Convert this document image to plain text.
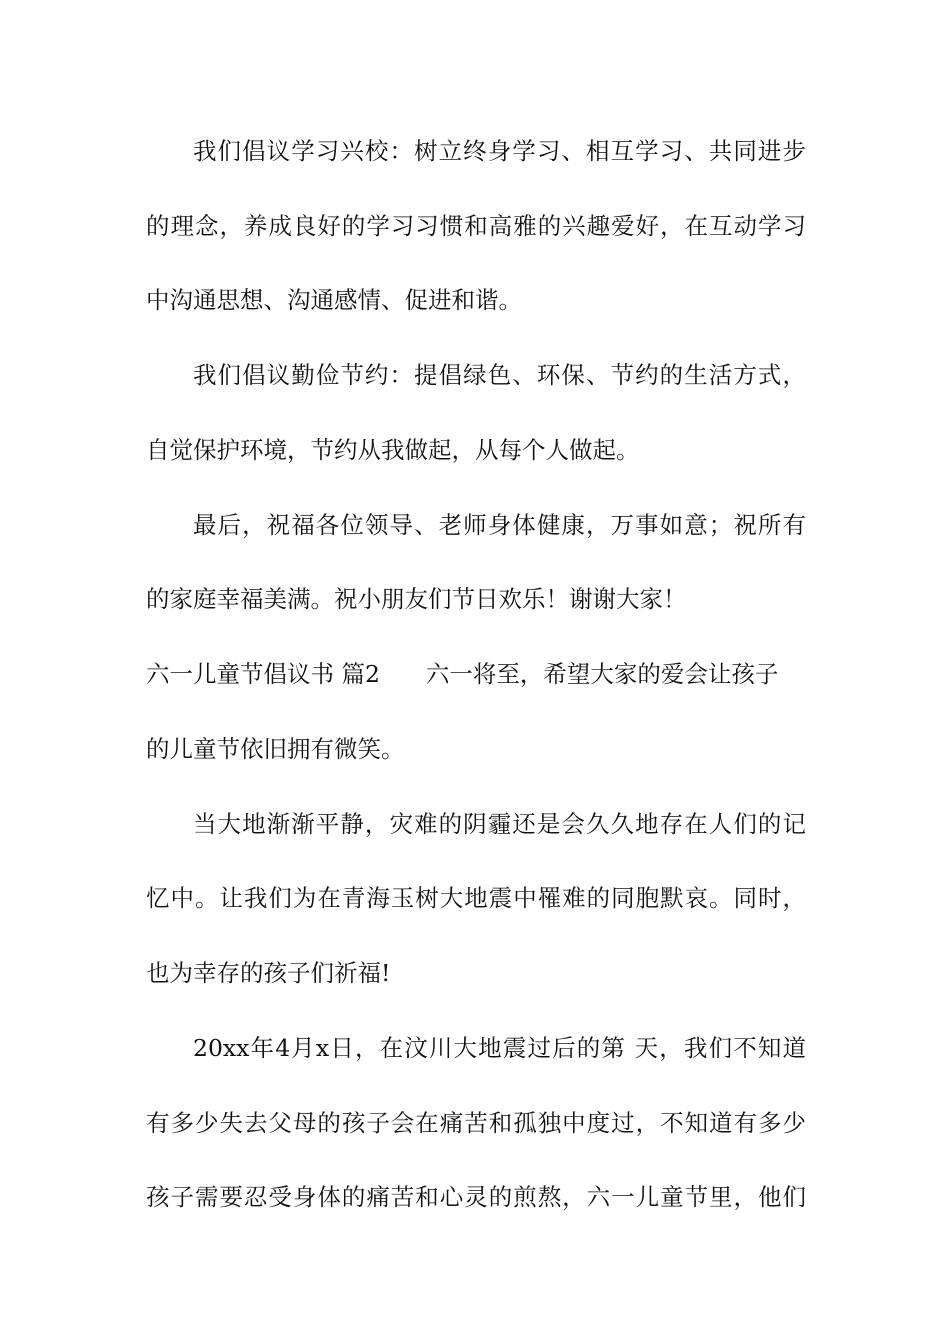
我们倡议学习兴校：树立终身学习、相互学习、共同进步
的理念，养成良好的学习习惯和高雅的兴趣爱好，在互动学习
中沟通思想、沟通感情、促进和谐。
我们倡议勤俭节约：提倡绿色、环保、节约的生活方式，
自觉保护环境，节约从我做起，从每个人做起。
最后，祝福各位领导、老师身体健康，万事如意；祝所有
的家庭幸福美满。祝小朋友们节日欢乐！谢谢大家！
六一儿童节倡议书 篇2 六一将至，希望大家的爱会让孩子
的儿童节依旧拥有微笑。
当大地渐渐平静，灾难的阴霾还是会久久地存在人们的记
忆中。让我们为在青海玉树大地震中罹难的同胞默哀。同时，
也为幸存的孩子们祈福!
20xx年4月x日，在汶川大地震过后的第 天，我们不知道
有多少失去父母的孩子会在痛苦和孤独中度过，不知道有多少
孩子需要忍受身体的痛苦和心灵的煎熬，六一儿童节里，他们
